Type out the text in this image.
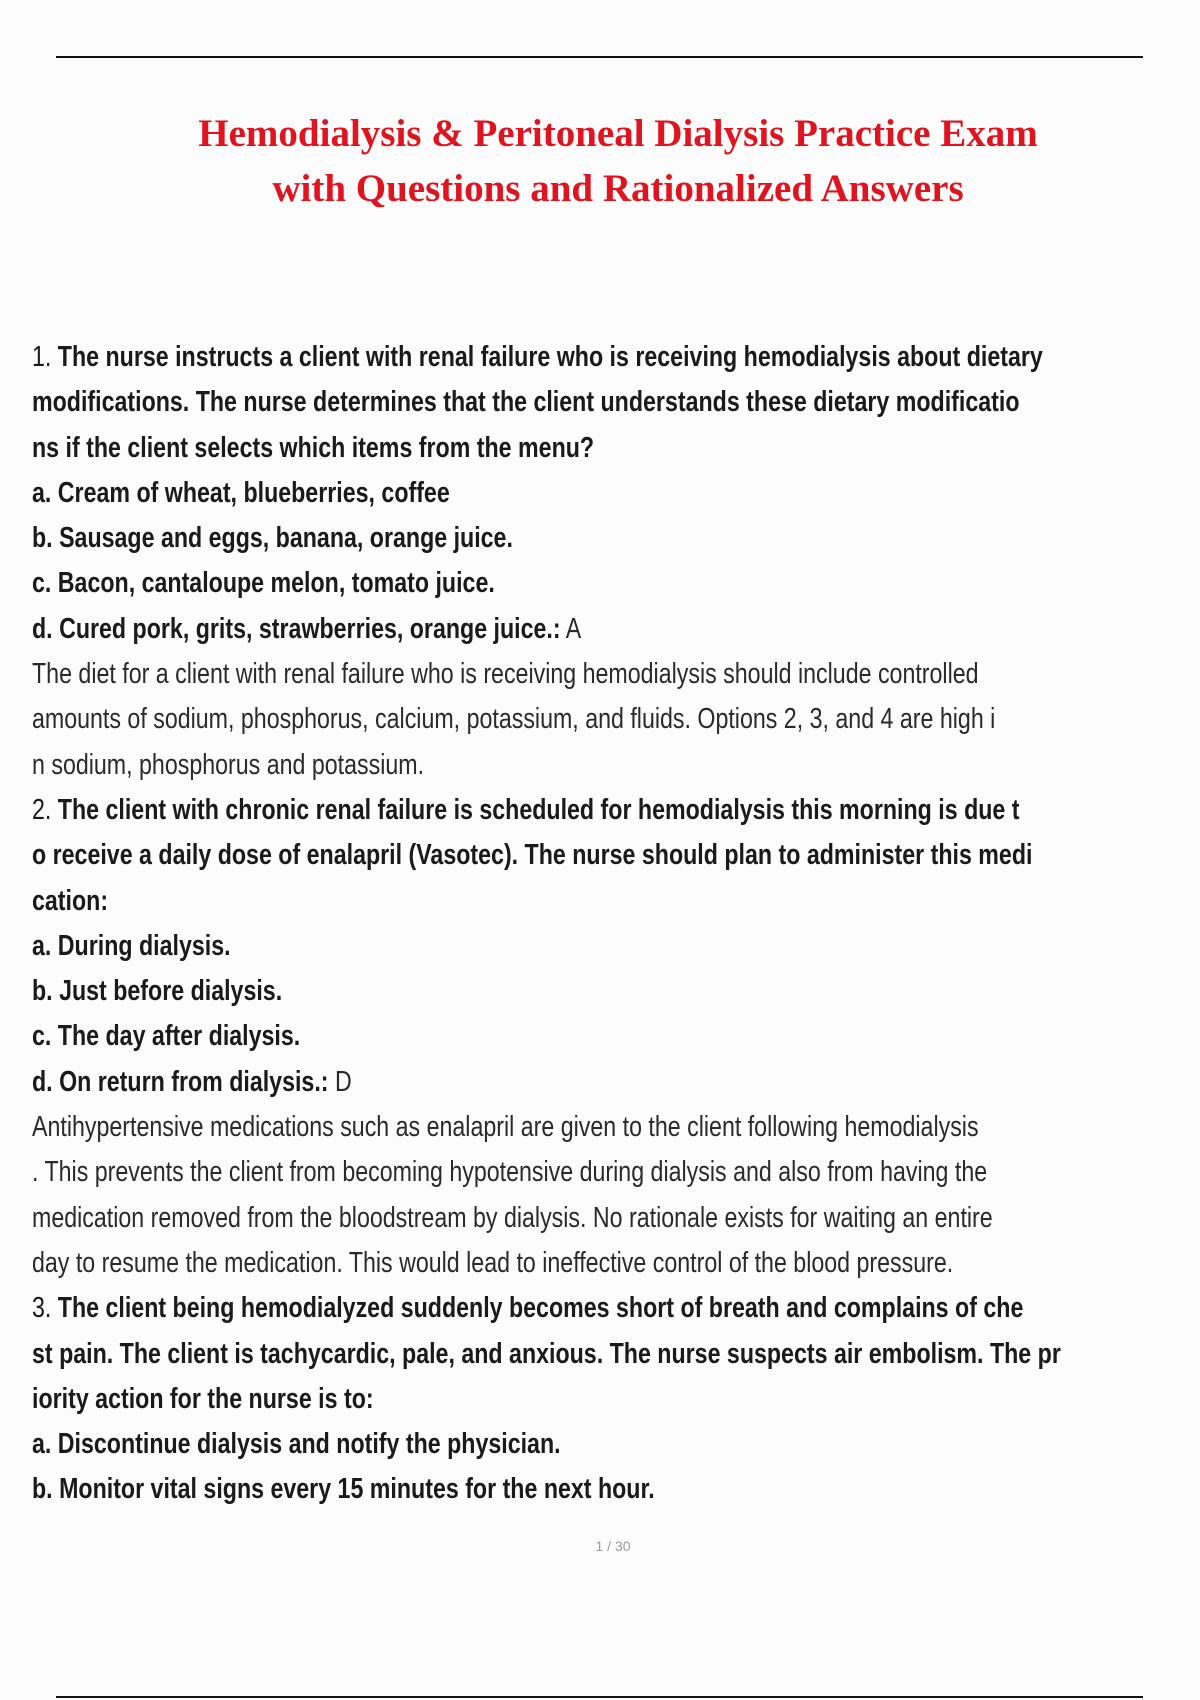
Hemodialysis & Peritoneal Dialysis Practice Exam
with Questions and Rationalized Answers
1. The nurse instructs a client with renal failure who is receiving hemodialysis about dietary
modifications. The nurse determines that the client understands these dietary modificatio
ns if the client selects which items from the menu?
a. Cream of wheat, blueberries, coffee
b. Sausage and eggs, banana, orange juice.
c. Bacon, cantaloupe melon, tomato juice.
d. Cured pork, grits, strawberries, orange juice.: A
The diet for a client with renal failure who is receiving hemodialysis should include controlled
amounts of sodium, phosphorus, calcium, potassium, and fluids. Options 2, 3, and 4 are high i
n sodium, phosphorus and potassium.
2. The client with chronic renal failure is scheduled for hemodialysis this morning is due t
o receive a daily dose of enalapril (Vasotec). The nurse should plan to administer this medi
cation:
a. During dialysis.
b. Just before dialysis.
c. The day after dialysis.
d. On return from dialysis.: D
Antihypertensive medications such as enalapril are given to the client following hemodialysis
. This prevents the client from becoming hypotensive during dialysis and also from having the
medication removed from the bloodstream by dialysis. No rationale exists for waiting an entire
day to resume the medication. This would lead to ineffective control of the blood pressure.
3. The client being hemodialyzed suddenly becomes short of breath and complains of che
st pain. The client is tachycardic, pale, and anxious. The nurse suspects air embolism. The pr
iority action for the nurse is to:
a. Discontinue dialysis and notify the physician.
b. Monitor vital signs every 15 minutes for the next hour.
1 / 30
